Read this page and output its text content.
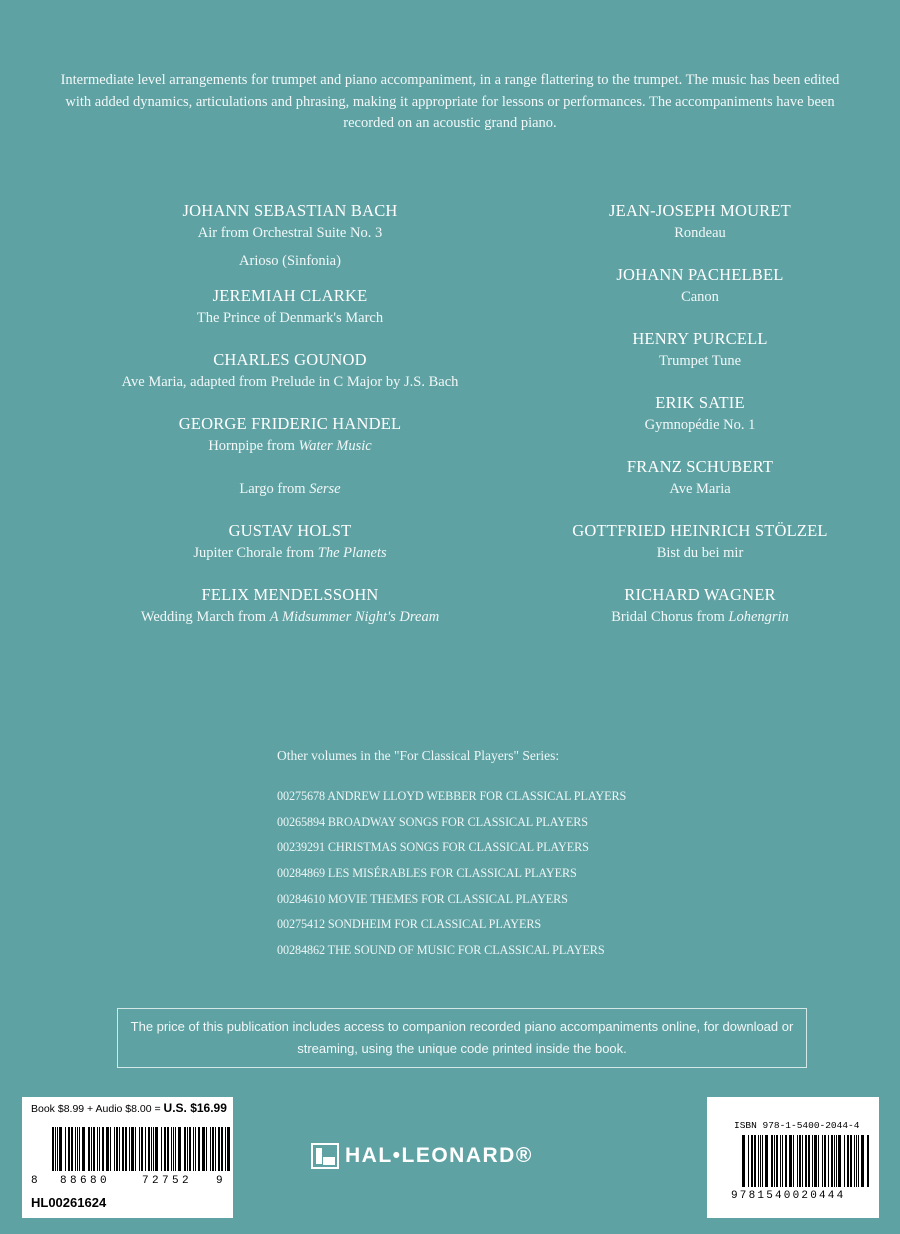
Intermediate level arrangements for trumpet and piano accompaniment, in a range flattering to the trumpet. The music has been edited with added dynamics, articulations and phrasing, making it appropriate for lessons or performances. The accompaniments have been recorded on an acoustic grand piano.
JOHANN SEBASTIAN BACH
Air from Orchestral Suite No. 3
Arioso (Sinfonia)
JEREMIAH CLARKE
The Prince of Denmark's March
CHARLES GOUNOD
Ave Maria, adapted from Prelude in C Major by J.S. Bach
GEORGE FRIDERIC HANDEL
Hornpipe from Water Music
Largo from Serse
GUSTAV HOLST
Jupiter Chorale from The Planets
FELIX MENDELSSOHN
Wedding March from A Midsummer Night's Dream
JEAN-JOSEPH MOURET
Rondeau
JOHANN PACHELBEL
Canon
HENRY PURCELL
Trumpet Tune
ERIK SATIE
Gymnopédie No. 1
FRANZ SCHUBERT
Ave Maria
GOTTFRIED HEINRICH STÖLZEL
Bist du bei mir
RICHARD WAGNER
Bridal Chorus from Lohengrin
Other volumes in the "For Classical Players" Series:
00275678 ANDREW LLOYD WEBBER FOR CLASSICAL PLAYERS
00265894 BROADWAY SONGS FOR CLASSICAL PLAYERS
00239291 CHRISTMAS SONGS FOR CLASSICAL PLAYERS
00284869 LES MISÉRABLES FOR CLASSICAL PLAYERS
00284610 MOVIE THEMES FOR CLASSICAL PLAYERS
00275412 SONDHEIM FOR CLASSICAL PLAYERS
00284862 THE SOUND OF MUSIC FOR CLASSICAL PLAYERS
The price of this publication includes access to companion recorded piano accompaniments online, for download or streaming, using the unique code printed inside the book.
Book $8.99 + Audio $8.00 = U.S. $16.99
8 88680	72752 9
HL00261624
HAL•LEONARD®
ISBN 978-1-5400-2044-4
9781540020444
